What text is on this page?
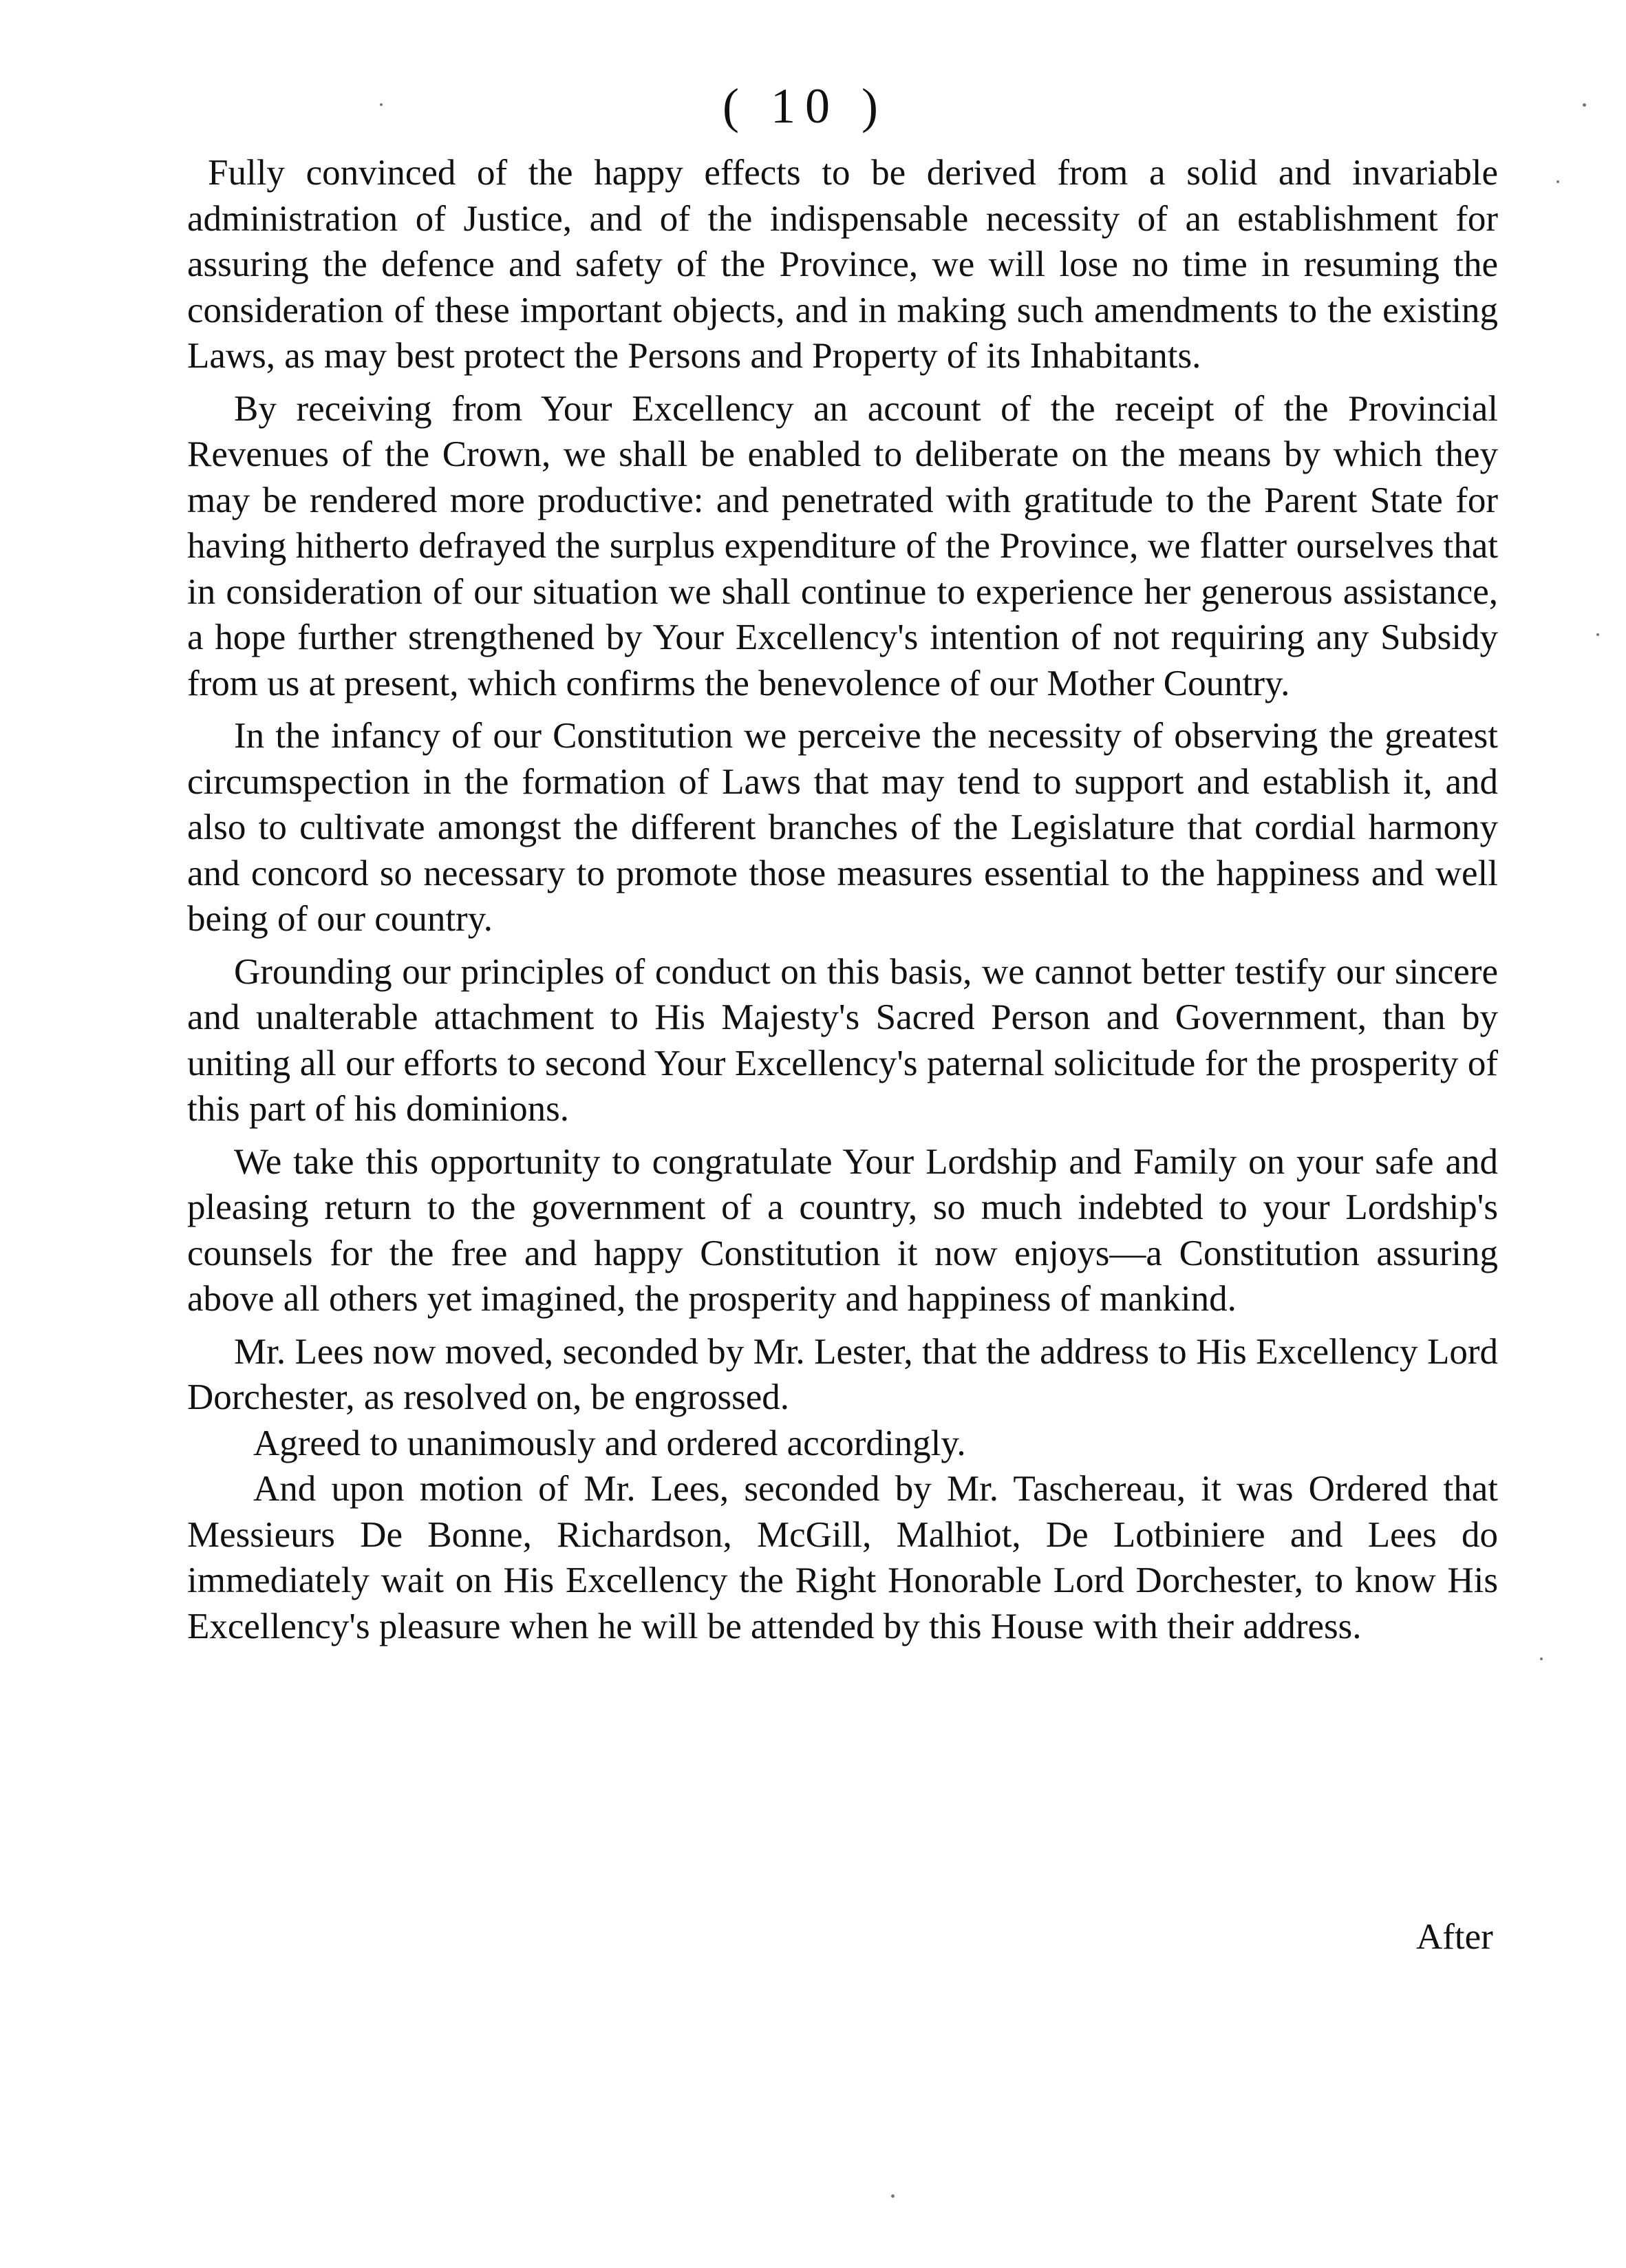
( 10 )

Fully convinced of the happy effects to be derived from a solid and invariable administration of Justice, and of the indispensable necessity of an establishment for assuring the defence and safety of the Province, we will lose no time in resuming the consideration of these important objects, and in making such amendments to the existing Laws, as may best protect the Persons and Property of its Inhabitants.

By receiving from Your Excellency an account of the receipt of the Provincial Revenues of the Crown, we shall be enabled to deliberate on the means by which they may be rendered more productive: and penetrated with gratitude to the Parent State for having hitherto defrayed the surplus expenditure of the Province, we flatter ourselves that in consideration of our situation we shall continue to experience her generous assistance, a hope further strengthened by Your Excellency's intention of not requiring any Subsidy from us at present, which confirms the benevolence of our Mother Country.

In the infancy of our Constitution we perceive the necessity of observing the greatest circumspection in the formation of Laws that may tend to support and establish it, and also to cultivate amongst the different branches of the Legislature that cordial harmony and concord so necessary to promote those measures essential to the happiness and well being of our country.

Grounding our principles of conduct on this basis, we cannot better testify our sincere and unalterable attachment to His Majesty's Sacred Person and Government, than by uniting all our efforts to second Your Excellency's paternal solicitude for the prosperity of this part of his dominions.

We take this opportunity to congratulate Your Lordship and Family on your safe and pleasing return to the government of a country, so much indebted to your Lordship's counsels for the free and happy Constitution it now enjoys—a Constitution assuring above all others yet imagined, the prosperity and happiness of mankind.

Mr. Lees now moved, seconded by Mr. Lester, that the address to His Excellency Lord Dorchester, as resolved on, be engrossed.

Agreed to unanimously and ordered accordingly.

And upon motion of Mr. Lees, seconded by Mr. Taschereau, it was Ordered that Messieurs De Bonne, Richardson, McGill, Malhiot, De Lotbiniere and Lees do immediately wait on His Excellency the Right Honorable Lord Dorchester, to know His Excellency's pleasure when he will be attended by this House with their address.

After
